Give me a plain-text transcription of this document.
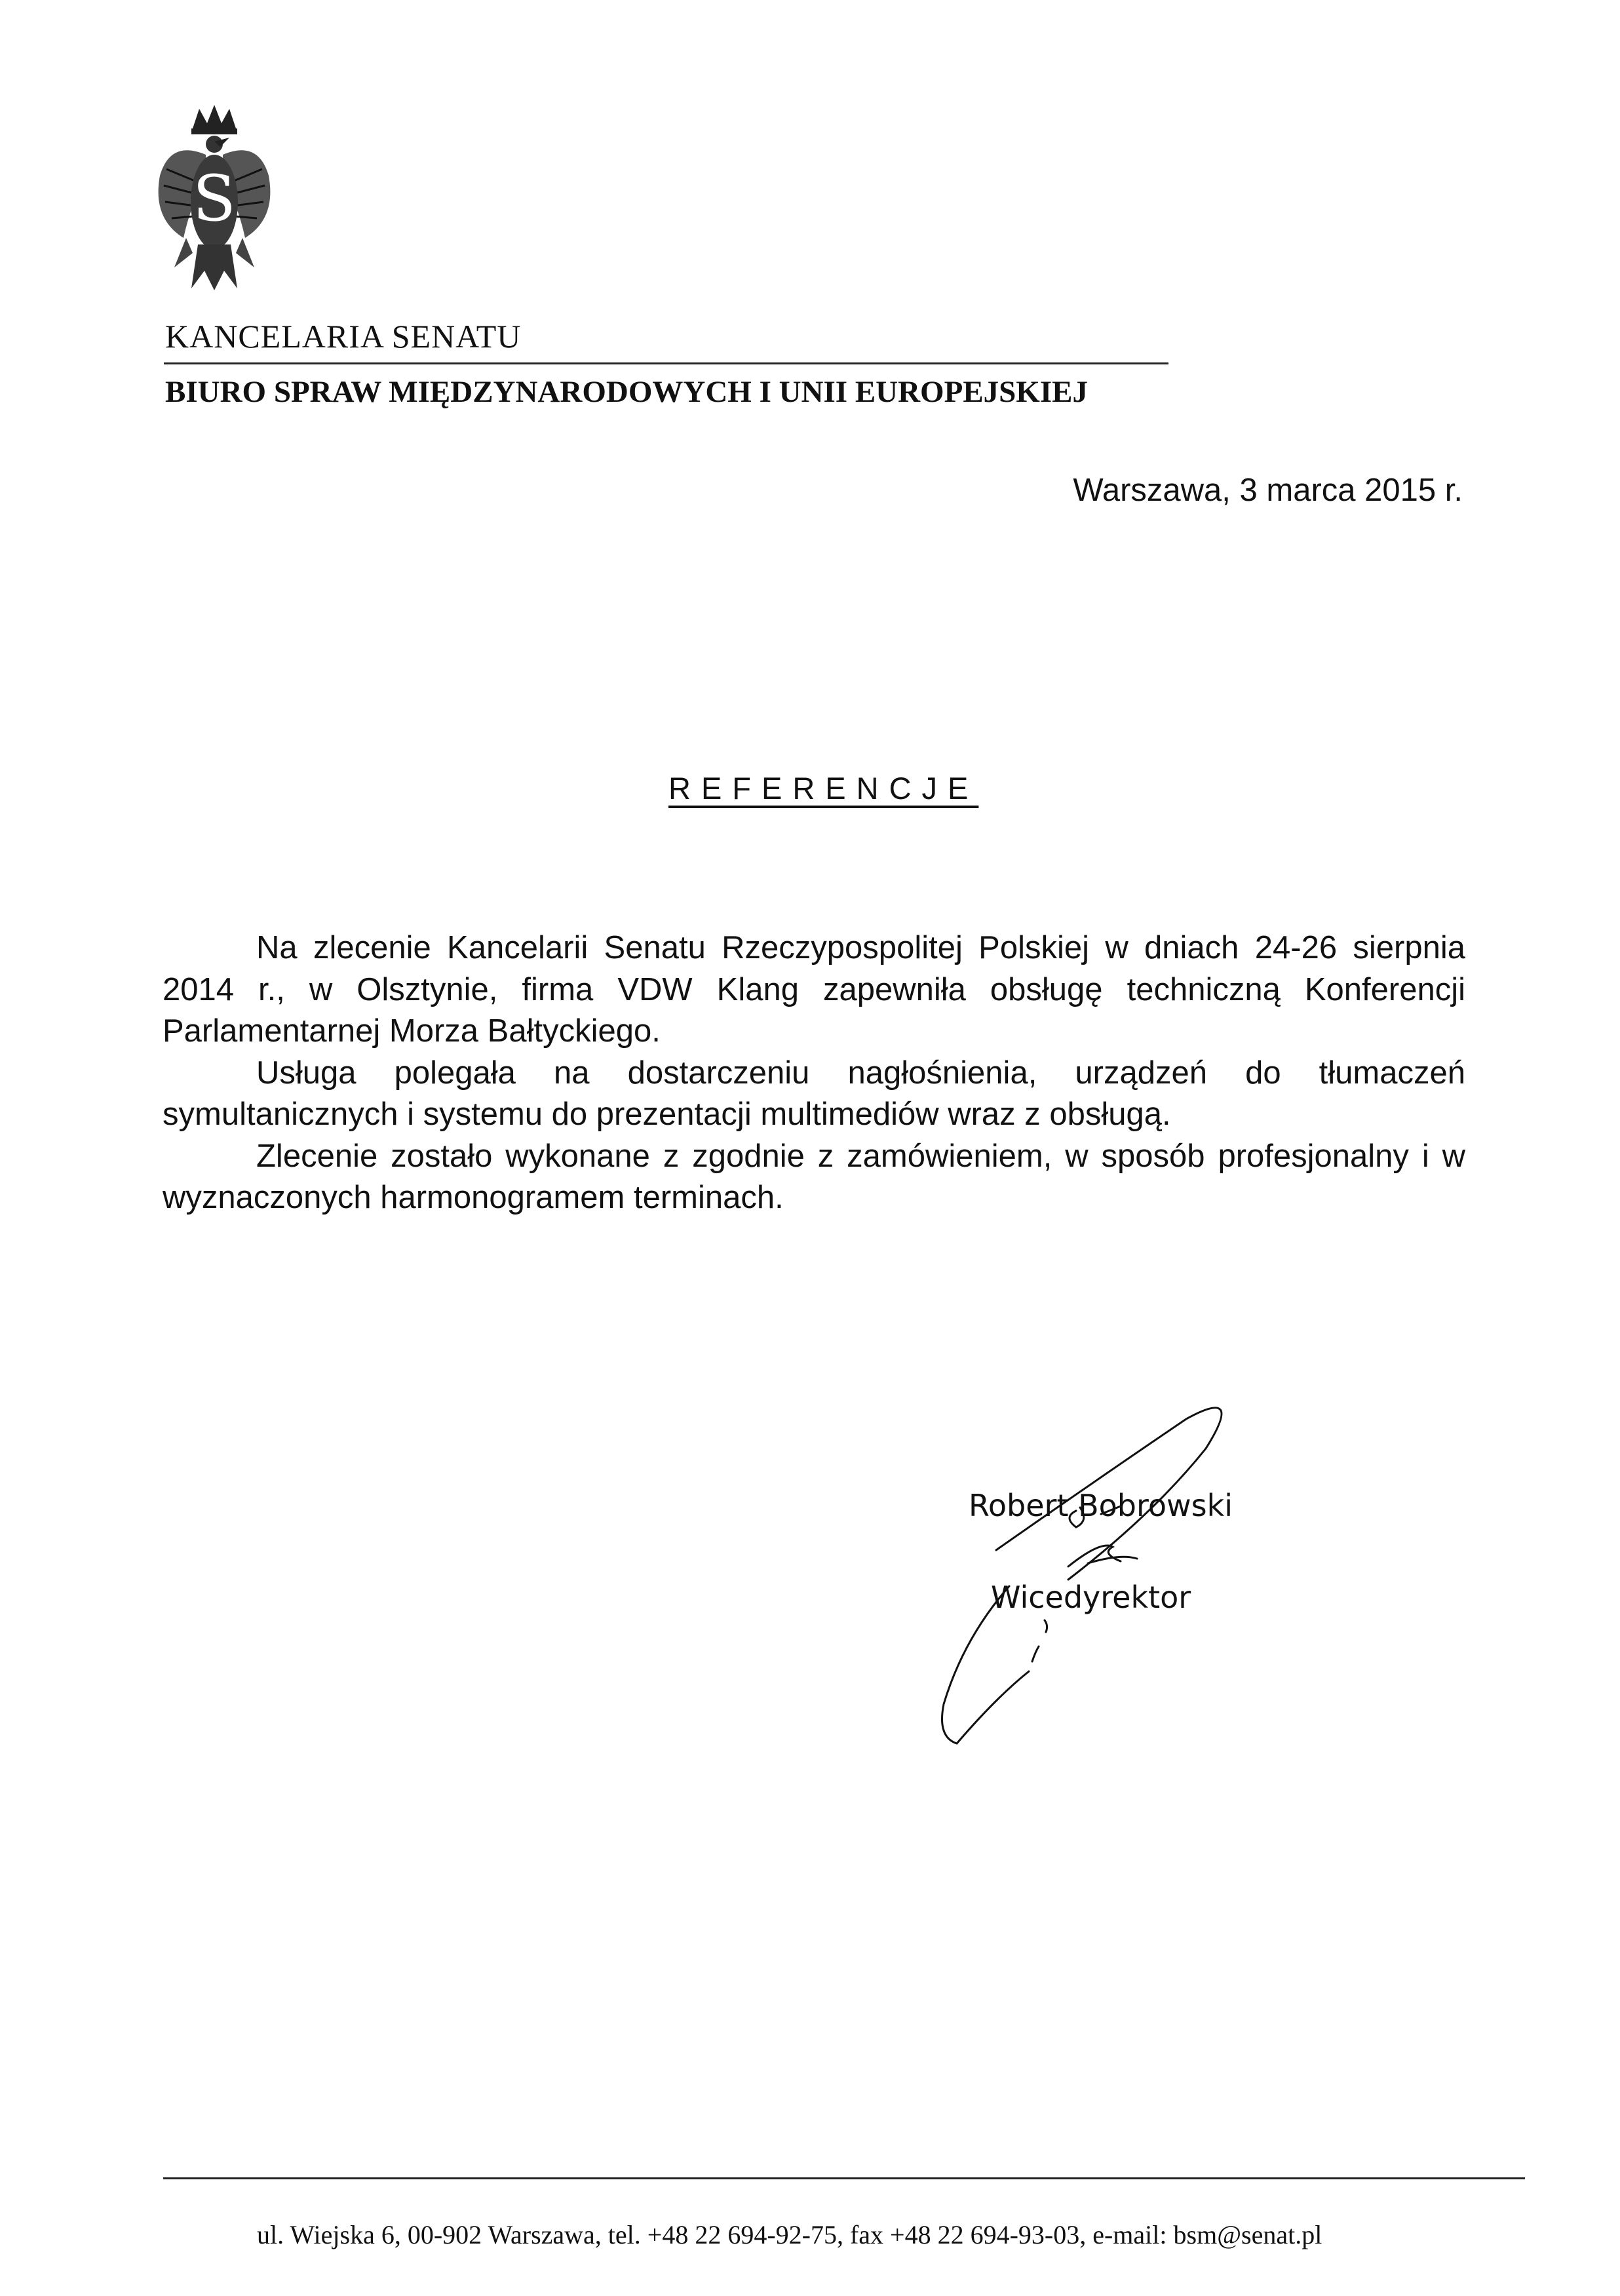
S
KANCELARIA SENATU
BIURO SPRAW MIĘDZYNARODOWYCH I UNII EUROPEJSKIEJ
Warszawa, 3 marca 2015 r.
REFERENCJE

Na zlecenie Kancelarii Senatu Rzeczypospolitej Polskiej w dniach 24-26 sierpnia 2014 r., w Olsztynie, firma VDW Klang zapewniła obsługę techniczną Konferencji Parlamentarnej Morza Bałtyckiego.

Usługa polegała na dostarczeniu nagłośnienia, urządzeń do tłumaczeń symultanicznych i systemu do prezentacji multimediów wraz z obsługą.

Zlecenie zostało wykonane z zgodnie z zamówieniem, w sposób profesjonalny i w wyznaczonych harmonogramem terminach.

Robert Bobrowski
Wicedyrektor
ul. Wiejska 6, 00-902 Warszawa, tel. +48 22 694-92-75, fax +48 22 694-93-03, e-mail: bsm@senat.pl
